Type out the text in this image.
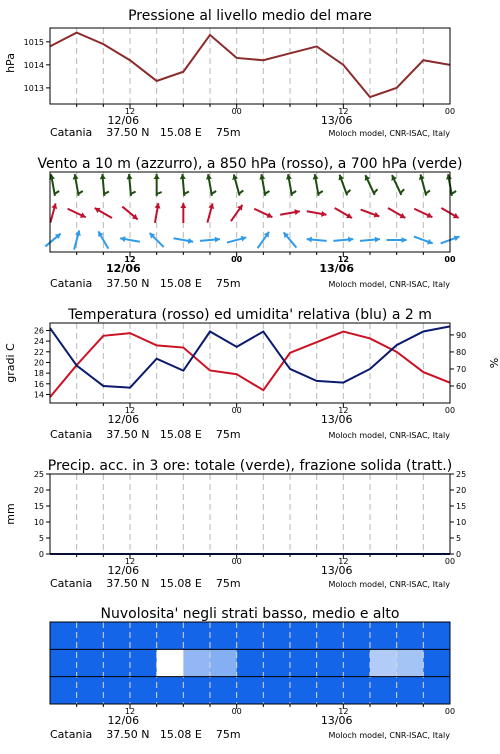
Pressione al livello medio del mare
Vento a 10 m (azzurro), a 850 hPa (rosso), a 700 hPa (verde)
Temperatura (rosso) ed umidita' relativa (blu) a 2 m
Precip. acc. in 3 ore: totale (verde), frazione solida (tratt.)
Nuvolosita' negli strati basso, medio e alto
hPa
gradi C	%
mm
Catania    37.50 N   15.08 E    75m	Moloch model, CNR-ISAC, Italy
Catania    37.50 N   15.08 E    75m	Moloch model, CNR-ISAC, Italy
Catania    37.50 N   15.08 E    75m	Moloch model, CNR-ISAC, Italy
Catania    37.50 N   15.08 E    75m	Moloch model, CNR-ISAC, Italy
Catania    37.50 N   15.08 E    75m	Moloch model, CNR-ISAC, Italy
1013
1014
1015
12	00	12	00
12/06	13/06
12	00	12	00
12/06	13/06
14
16
18
20
22
24
26
60
70
80
90
12	00	12	00
12/06	13/06
0
5
10
15
20
25
0
5
10
15
20
25
12	00	12	00
12/06	13/06
12	00	12	00
12/06	13/06
